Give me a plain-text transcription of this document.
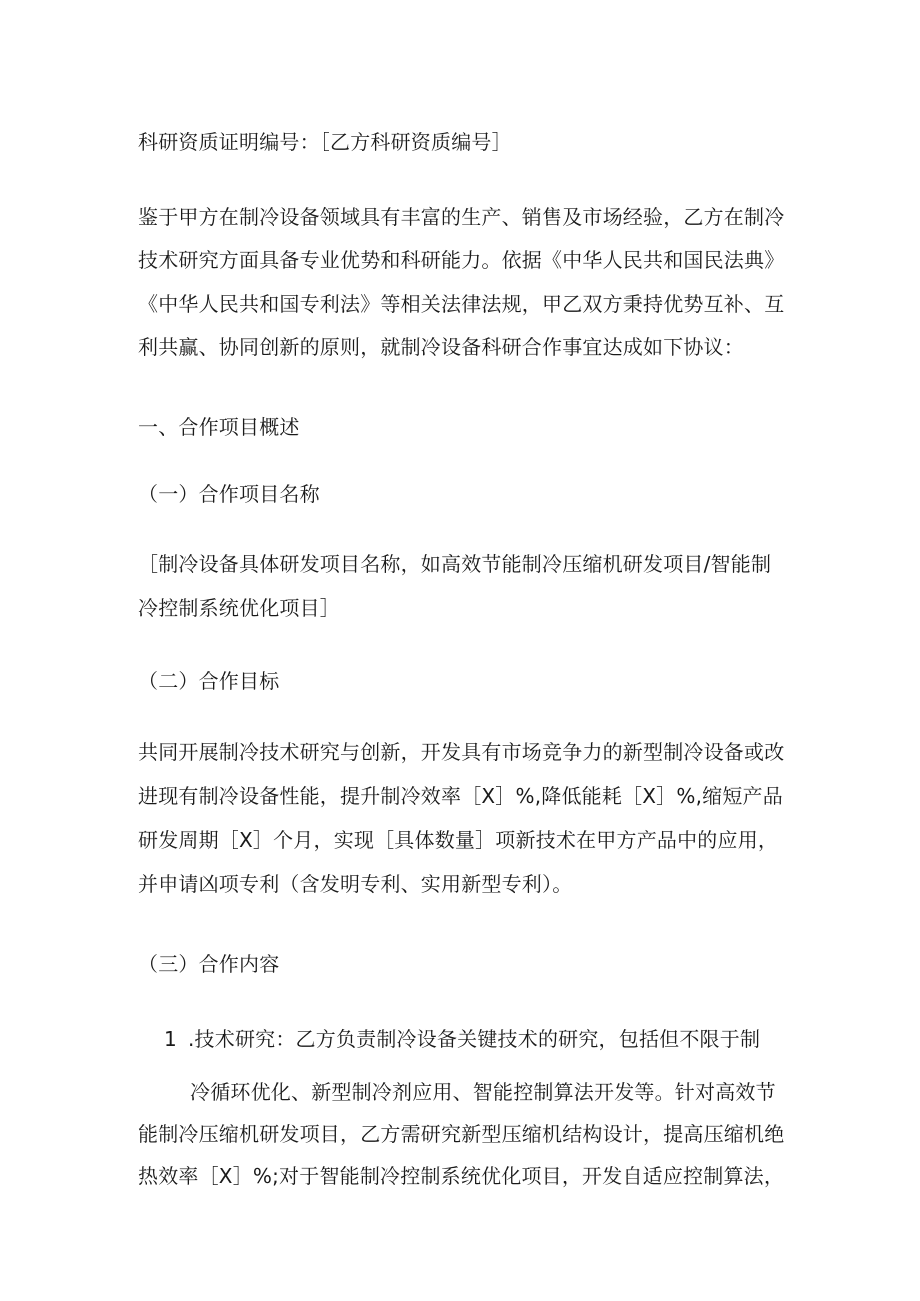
科研资质证明编号：［乙方科研资质编号］
鉴于甲方在制冷设备领域具有丰富的生产、销售及市场经验，乙方在制冷
技术研究方面具备专业优势和科研能力。依据《中华人民共和国民法典》
《中华人民共和国专利法》等相关法律法规，甲乙双方秉持优势互补、互
利共赢、协同创新的原则，就制冷设备科研合作事宜达成如下协议：
一、合作项目概述
（一）合作项目名称
［制冷设备具体研发项目名称，如高效节能制冷压缩机研发项目/智能制
冷控制系统优化项目］
（二）合作目标
共同开展制冷技术研究与创新，开发具有市场竞争力的新型制冷设备或改
进现有制冷设备性能，提升制冷效率［X］%,降低能耗［X］%,缩短产品
研发周期［X］个月，实现［具体数量］项新技术在甲方产品中的应用，
并申请凶项专利（含发明专利、实用新型专利）。
（三）合作内容
1 .技术研究：乙方负责制冷设备关键技术的研究，包括但不限于制
冷循环优化、新型制冷剂应用、智能控制算法开发等。针对高效节
能制冷压缩机研发项目，乙方需研究新型压缩机结构设计，提高压缩机绝
热效率［X］%;对于智能制冷控制系统优化项目，开发自适应控制算法，
